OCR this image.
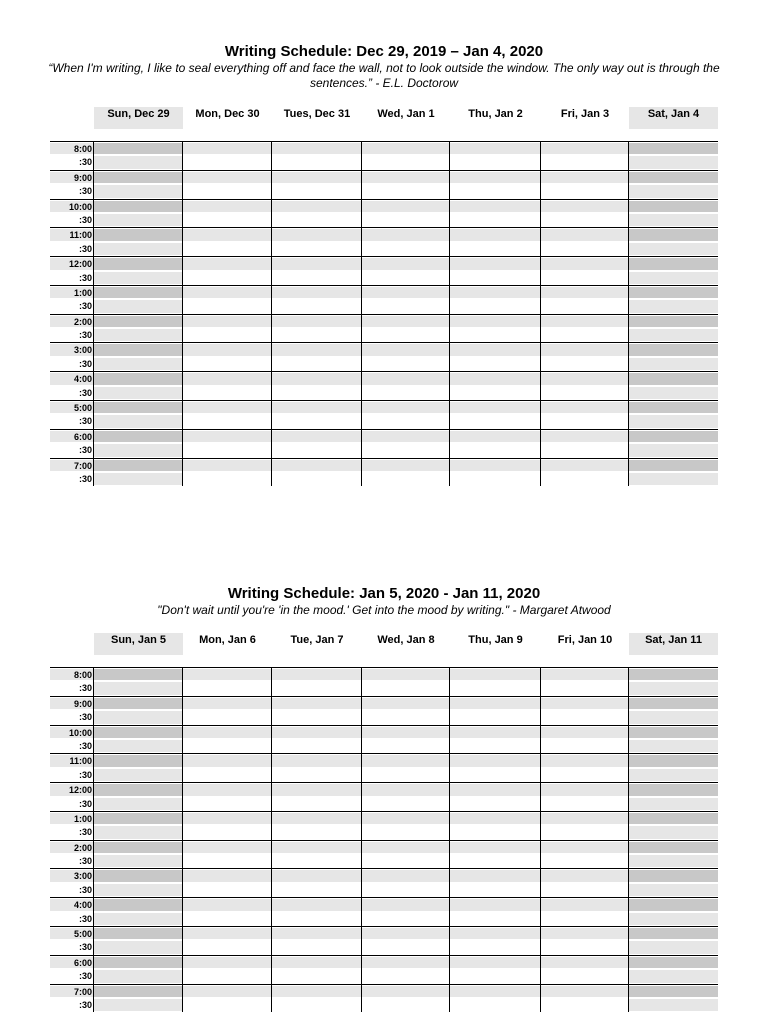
Writing Schedule: Dec 29, 2019 – Jan 4, 2020

“When I'm writing, I like to seal everything off and face the wall, not to look outside the window. The only way out is through the sentences.” - E.L. Doctorow

Sun, Dec 29	Mon, Dec 30	Tues, Dec 31	Wed, Jan 1	Thu, Jan 2	Fri, Jan 3	Sat, Jan 4
8:00
:30
9:00
:30
10:00
:30
11:00
:30
12:00
:30
1:00
:30
2:00
:30
3:00
:30
4:00
:30
5:00
:30
6:00
:30
7:00
:30
Writing Schedule: Jan 5, 2020 - Jan 11, 2020

"Don't wait until you're 'in the mood.' Get into the mood by writing." - Margaret Atwood

Sun, Jan 5	Mon, Jan 6	Tue, Jan 7	Wed, Jan 8	Thu, Jan 9	Fri, Jan 10	Sat, Jan 11
8:00
:30
9:00
:30
10:00
:30
11:00
:30
12:00
:30
1:00
:30
2:00
:30
3:00
:30
4:00
:30
5:00
:30
6:00
:30
7:00
:30
